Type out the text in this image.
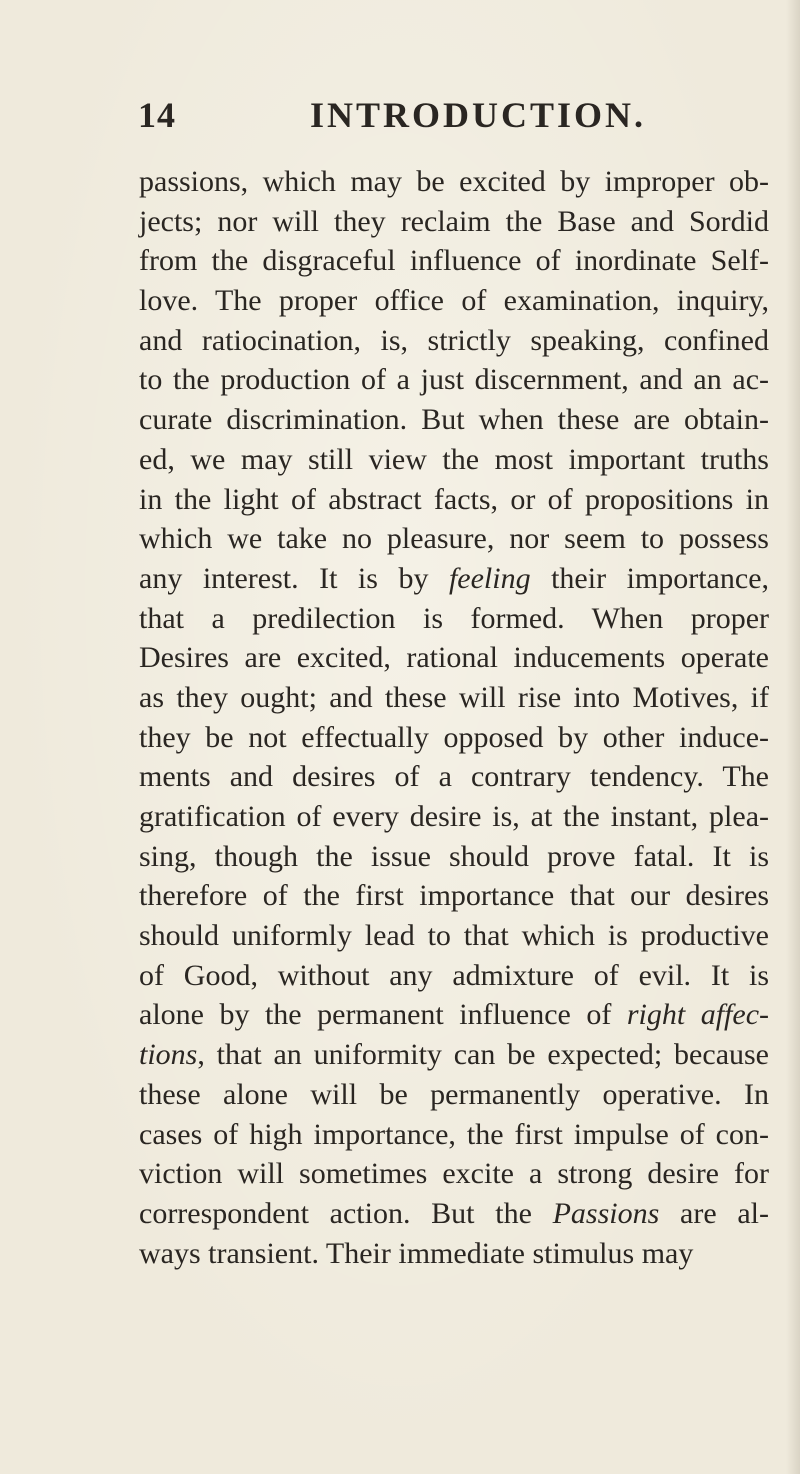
14	INTRODUCTION.
passions, which may be excited by improper ob-
jects; nor will they reclaim the Base and Sordid
from the disgraceful influence of inordinate Self-
love. The proper office of examination, inquiry,
and ratiocination, is, strictly speaking, confined
to the production of a just discernment, and an ac-
curate discrimination. But when these are obtain-
ed, we may still view the most important truths
in the light of abstract facts, or of propositions in
which we take no pleasure, nor seem to possess
any interest. It is by feeling their importance,
that a predilection is formed. When proper
Desires are excited, rational inducements operate
as they ought; and these will rise into Motives, if
they be not effectually opposed by other induce-
ments and desires of a contrary tendency. The
gratification of every desire is, at the instant, plea-
sing, though the issue should prove fatal. It is
therefore of the first importance that our desires
should uniformly lead to that which is productive
of Good, without any admixture of evil. It is
alone by the permanent influence of right affec-
tions, that an uniformity can be expected; because
these alone will be permanently operative. In
cases of high importance, the first impulse of con-
viction will sometimes excite a strong desire for
correspondent action. But the Passions are al-
ways transient. Their immediate stimulus may
